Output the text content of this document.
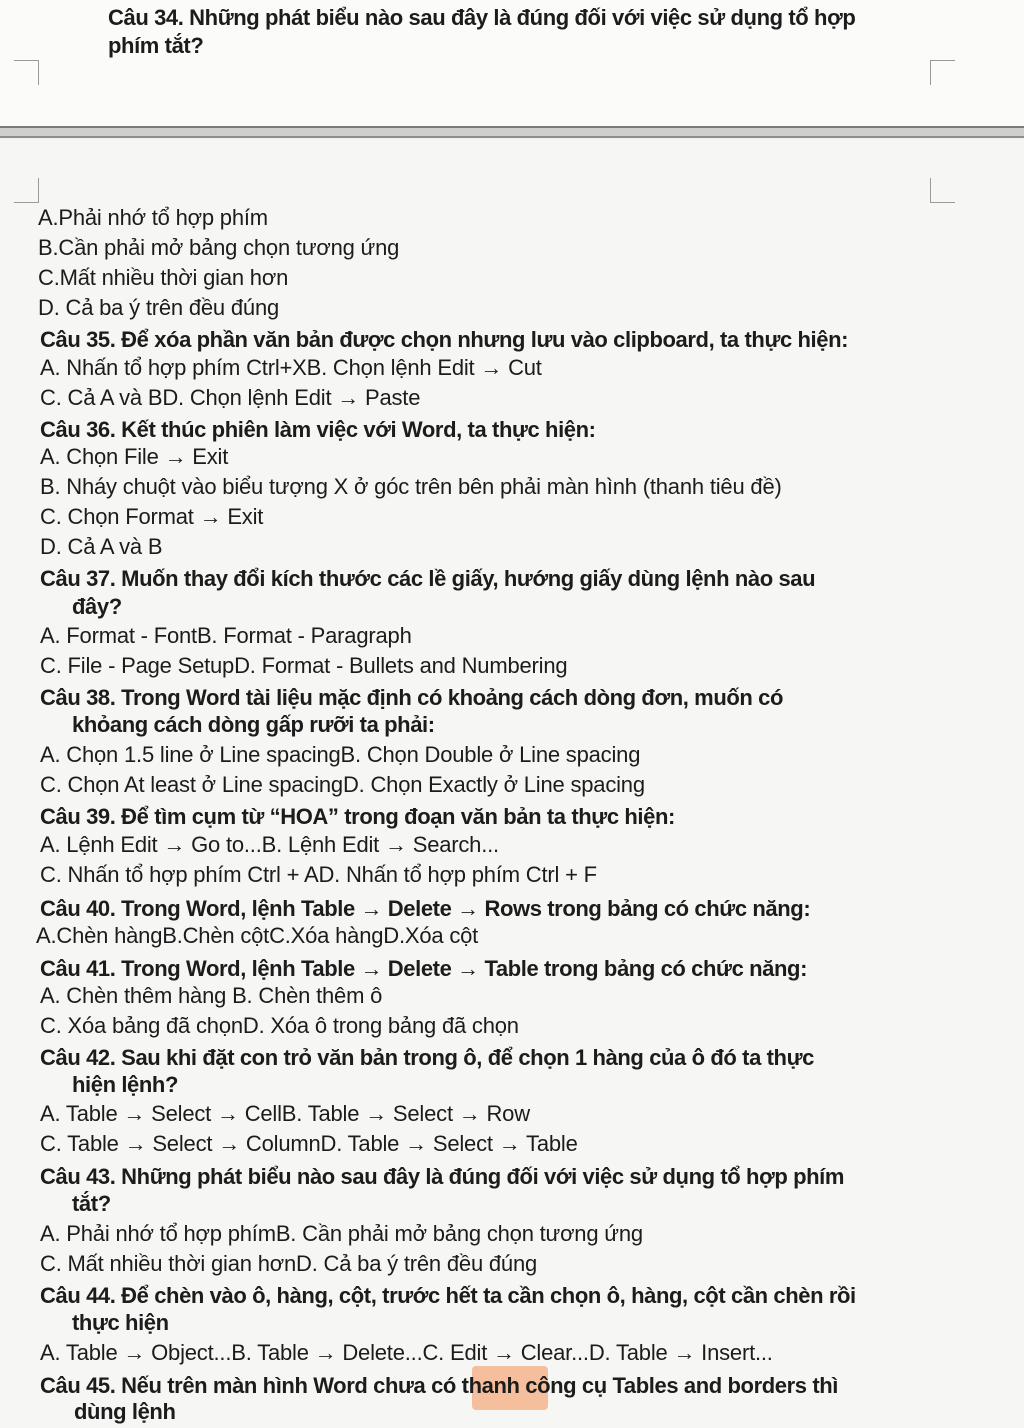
Câu 34. Những phát biểu nào sau đây là đúng đối với việc sử dụng tổ hợp
phím tắt?
A.Phải nhớ tổ hợp phím
B.Cần phải mở bảng chọn tương ứng
C.Mất nhiều thời gian hơn
D. Cả ba ý trên đều đúng
Câu 35. Để xóa phần văn bản được chọn nhưng lưu vào clipboard, ta thực hiện:
A. Nhấn tổ hợp phím Ctrl+XB. Chọn lệnh Edit → Cut
C. Cả A và BD. Chọn lệnh Edit → Paste
Câu 36. Kết thúc phiên làm việc với Word, ta thực hiện:
A. Chọn File → Exit
B. Nháy chuột vào biểu tượng X ở góc trên bên phải màn hình (thanh tiêu đề)
C. Chọn Format → Exit
D. Cả A và B
Câu 37. Muốn thay đổi kích thước các lề giấy, hướng giấy dùng lệnh nào sau
đây?
A. Format - FontB. Format - Paragraph
C. File - Page SetupD. Format - Bullets and Numbering
Câu 38. Trong Word tài liệu mặc định có khoảng cách dòng đơn, muốn có
khỏang cách dòng gấp rưỡi ta phải:
A. Chọn 1.5 line ở Line spacingB. Chọn Double ở Line spacing
C. Chọn At least ở Line spacingD. Chọn Exactly ở Line spacing
Câu 39. Để tìm cụm từ “HOA” trong đoạn văn bản ta thực hiện:
A. Lệnh Edit → Go to...B. Lệnh Edit → Search...
C. Nhấn tổ hợp phím Ctrl + AD. Nhấn tổ hợp phím Ctrl + F
Câu 40. Trong Word, lệnh Table → Delete → Rows trong bảng có chức năng:
A.Chèn hàngB.Chèn cộtC.Xóa hàngD.Xóa cột
Câu 41. Trong Word, lệnh Table → Delete → Table trong bảng có chức năng:
A. Chèn thêm hàng B. Chèn thêm ô
C. Xóa bảng đã chọnD. Xóa ô trong bảng đã chọn
Câu 42. Sau khi đặt con trỏ văn bản trong ô, để chọn 1 hàng của ô đó ta thực
hiện lệnh?
A. Table → Select → CellB. Table → Select → Row
C. Table → Select → ColumnD. Table → Select → Table
Câu 43. Những phát biểu nào sau đây là đúng đối với việc sử dụng tổ hợp phím
tắt?
A. Phải nhớ tổ hợp phímB. Cần phải mở bảng chọn tương ứng
C. Mất nhiều thời gian hơnD. Cả ba ý trên đều đúng
Câu 44. Để chèn vào ô, hàng, cột, trước hết ta cần chọn ô, hàng, cột cần chèn rồi
thực hiện
A. Table → Object...B. Table → Delete...C. Edit → Clear...D. Table → Insert...
Câu 45. Nếu trên màn hình Word chưa có thanh công cụ Tables and borders thì
dùng lệnh
